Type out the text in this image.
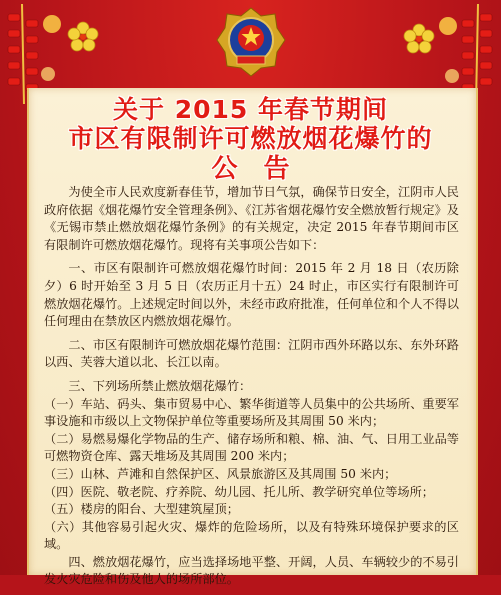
关于 2015 年春节期间
市区有限制许可燃放烟花爆竹的
公告

为使全市人民欢度新春佳节，增加节日气氛，确保节日安全，江阴市人民政府依据《烟花爆竹安全管理条例》、《江苏省烟花爆竹安全燃放暂行规定》及《无锡市禁止燃放烟花爆竹条例》的有关规定，决定 2015 年春节期间市区有限制许可燃放烟花爆竹。现将有关事项公告如下：

一、市区有限制许可燃放烟花爆竹时间：2015 年 2 月 18 日（农历除夕）6 时开始至 3 月 5 日（农历正月十五）24 时止，市区实行有限制许可燃放烟花爆竹。上述规定时间以外，未经市政府批准，任何单位和个人不得以任何理由在禁放区内燃放烟花爆竹。

二、市区有限制许可燃放烟花爆竹范围：江阴市西外环路以东、东外环路以西、芙蓉大道以北、长江以南。

三、下列场所禁止燃放烟花爆竹：

（一）车站、码头、集市贸易中心、繁华街道等人员集中的公共场所、重要军事设施和市级以上文物保护单位等重要场所及其周围 50 米内；

（二）易燃易爆化学物品的生产、储存场所和粮、棉、油、气、日用工业品等可燃物资仓库、露天堆场及其周围 200 米内；

（三）山林、芦滩和自然保护区、风景旅游区及其周围 50 米内；

（四）医院、敬老院、疗养院、幼儿园、托儿所、教学研究单位等场所；

（五）楼房的阳台、大型建筑屋顶；

（六）其他容易引起火灾、爆炸的危险场所，以及有特殊环境保护要求的区域。

四、燃放烟花爆竹，应当选择场地平整、开阔，人员、车辆较少的不易引发火灾危险和伤及他人的场所部位。
